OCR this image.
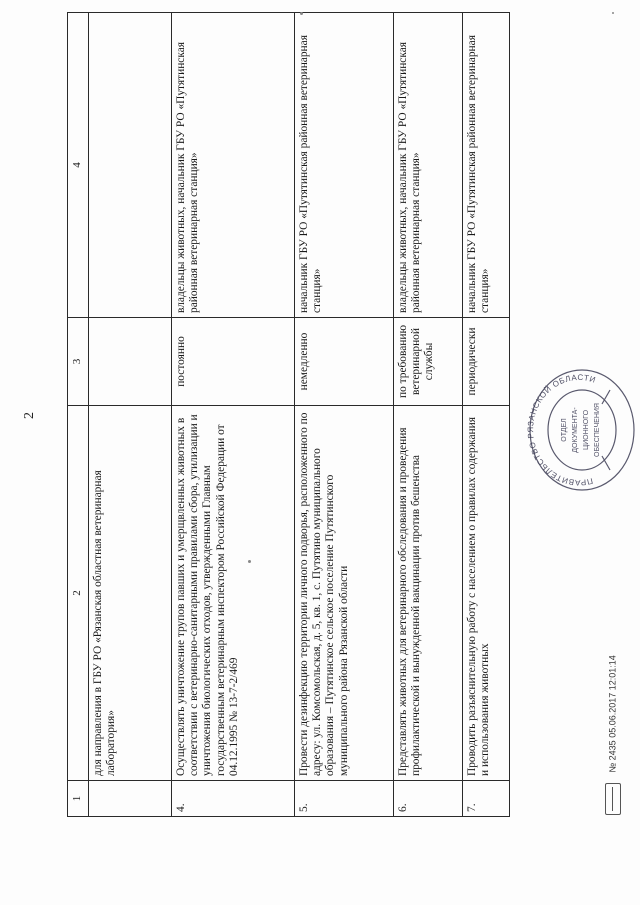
2
1	2	3	4
	для направления в ГБУ РО «Рязанская областная ветеринарная лаборатория»		
4.	Осуществлять уничтожение трупов павших и умерщвленных животных в соответствии с ветеринарно-санитарными правилами сбора, утилизации и уничтожения биологических отходов, утвержденными Главным государственным ветеринарным инспектором Российской Федерации от 04.12.1995 № 13-7-2/469	постоянно	владельцы животных, начальник ГБУ РО «Путятинская районная ветеринарная станция»
5.	Провести дезинфекцию территории личного подворья, расположенного по адресу: ул. Комсомольская, д. 5, кв. 1, с. Путятино муниципального образования – Путятинское сельское поселение Путятинского муниципального района Рязанской области	немедленно	начальник ГБУ РО «Путятинская районная ветеринарная станция»
6.	Представлять животных для ветеринарного обследования и проведения профилактической и вынужденной вакцинации против бешенства	по требованию ветеринарной службы	владельцы животных, начальник ГБУ РО «Путятинская районная ветеринарная станция»
7.	Проводить разъяснительную работу с населением о правилах содержания и использования животных	периодически	начальник ГБУ РО «Путятинская районная ветеринарная станция»
ПРАВИТЕЛЬСТВО РЯЗАНСКОЙ ОБЛАСТИ
ОТДЕЛ ДОКУМЕНТА- ЦИОННОГО ОБЕСПЕЧЕНИЯ
№ 2435 05.06.2017 12:01:14
